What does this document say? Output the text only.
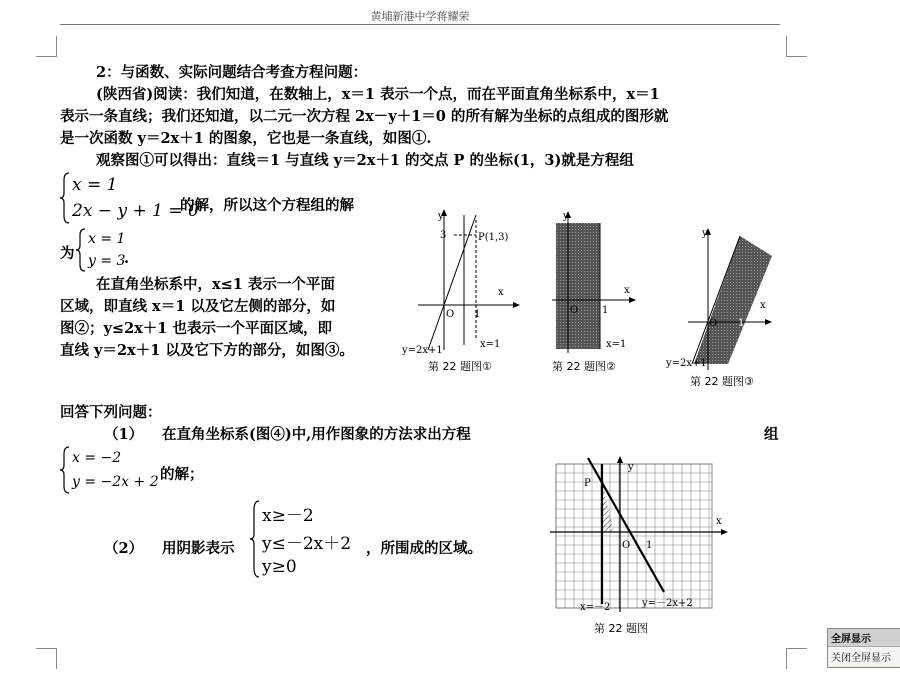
黄埔新港中学蒋耀荣
2：与函数、实际问题结合考查方程问题：
(陕西省)阅读：我们知道，在数轴上，x＝1 表示一个点，而在平面直角坐标系中，x＝1
表示一条直线；我们还知道，以二元一次方程 2x－y＋1＝0 的所有解为坐标的点组成的图形就
是一次函数 y＝2x＋1 的图象，它也是一条直线，如图①.
观察图①可以得出：直线＝1 与直线 y＝2x＋1 的交点 P 的坐标(1，3)就是方程组
x = 1
2x − y + 1 = 0
的解，所以这个方程组的解
为
x = 1
y = 3
.
在直角坐标系中，x≤1 表示一个平面
区域，即直线 x＝1 以及它左侧的部分，如
图②；y≤2x＋1 也表示一个平面区域，即
直线 y＝2x＋1 以及它下方的部分，如图③。
y
x
O 1
3	P(1,3)
y=2x+1
x=1
第 22 题图①
y
x
O 1
x=1
第 22 题图②
y
x
O 1
y=2x+1
第 22 题图③
回答下列问题：
（1） 在直角坐标系(图④)中,用作图象的方法求出方程	组
x = −2
y = −2x + 2 的解；
（2） 用阴影表示
x≥－2
y≤－2x＋2
y≥0
，所围成的区域。
y
x
O 1
P
x=－2	y=－2x+2
第 22 题图
全屏显示
关闭全屏显示
